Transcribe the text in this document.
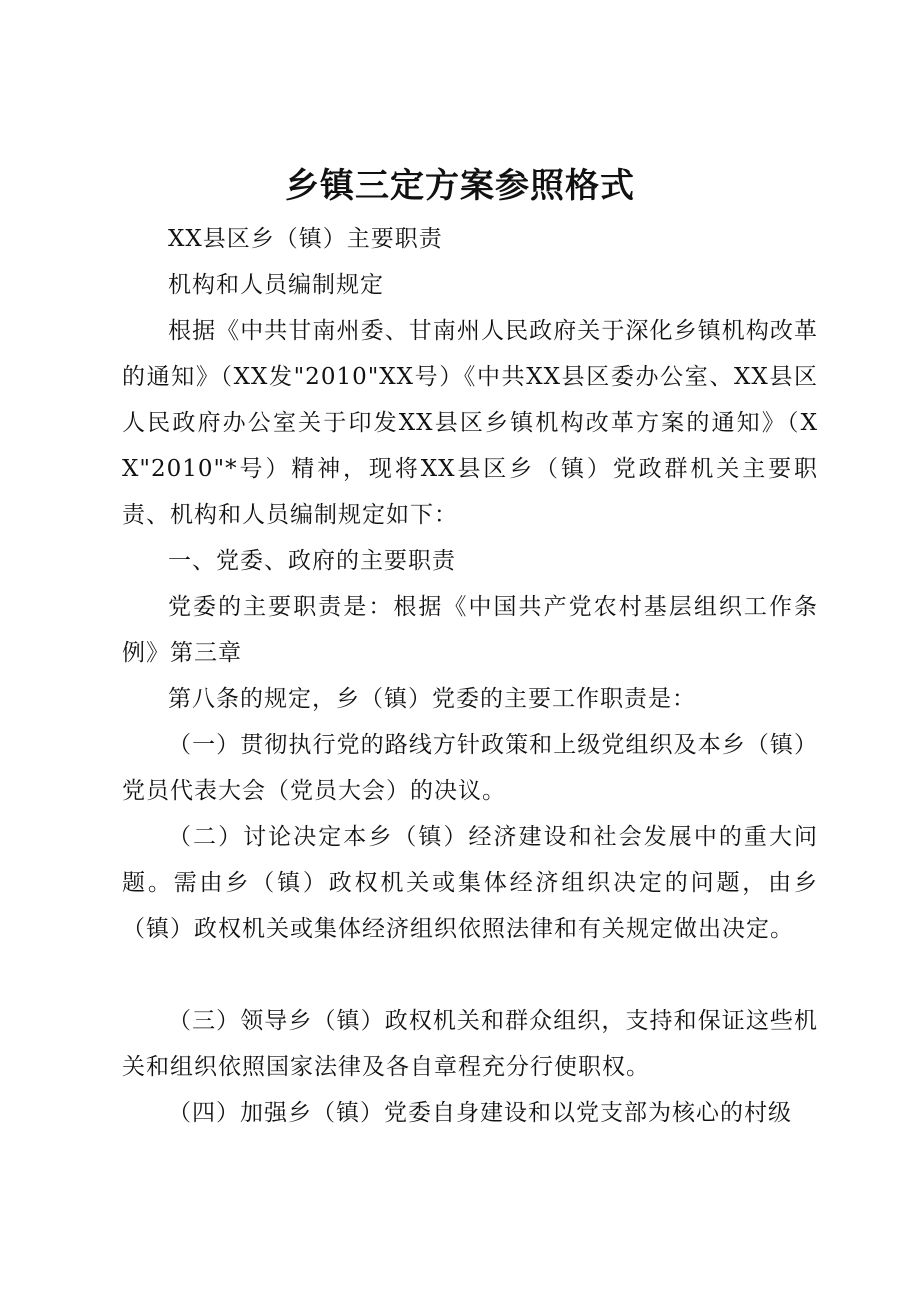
乡镇三定方案参照格式

XX县区乡（镇）主要职责

机构和人员编制规定

根据《中共甘南州委、甘南州人民政府关于深化乡镇机构改革的通知》（XX发"2010"XX号）《中共XX县区委办公室、XX县区人民政府办公室关于印发XX县区乡镇机构改革方案的通知》（XX"2010"*号）精神，现将XX县区乡（镇）党政群机关主要职责、机构和人员编制规定如下：

一、党委、政府的主要职责

党委的主要职责是：根据《中国共产党农村基层组织工作条例》第三章

第八条的规定，乡（镇）党委的主要工作职责是：

（一）贯彻执行党的路线方针政策和上级党组织及本乡（镇）党员代表大会（党员大会）的决议。

（二）讨论决定本乡（镇）经济建设和社会发展中的重大问题。需由乡（镇）政权机关或集体经济组织决定的问题，由乡（镇）政权机关或集体经济组织依照法律和有关规定做出决定。

（三）领导乡（镇）政权机关和群众组织，支持和保证这些机关和组织依照国家法律及各自章程充分行使职权。

（四）加强乡（镇）党委自身建设和以党支部为核心的村级
